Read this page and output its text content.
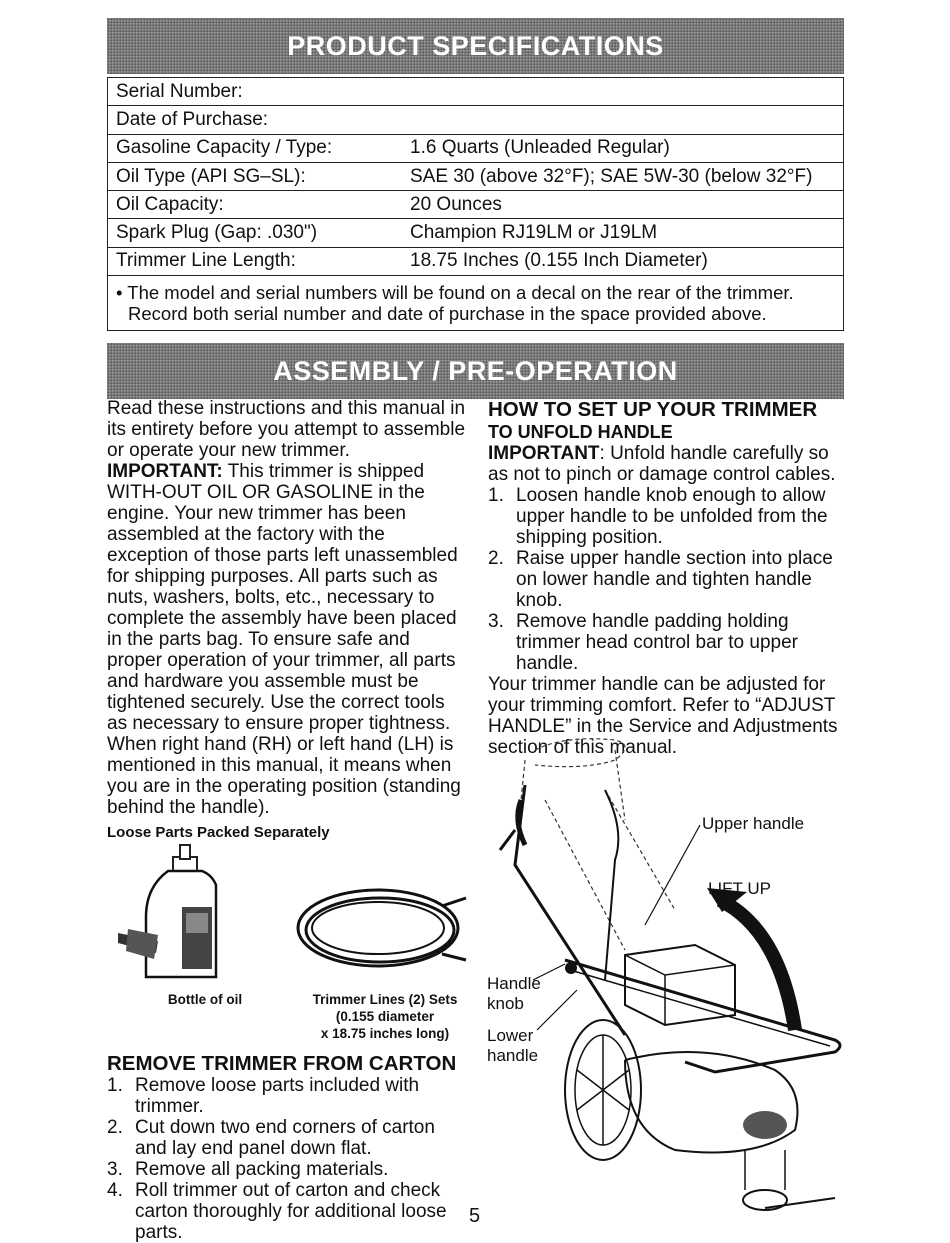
PRODUCT SPECIFICATIONS
Serial Number:
Date of Purchase:
Gasoline Capacity / Type:	1.6 Quarts (Unleaded Regular)
Oil Type (API SG–SL):	SAE 30 (above 32°F); SAE 5W-30 (below 32°F)
Oil Capacity:	20 Ounces
Spark Plug (Gap: .030")	Champion RJ19LM or J19LM
Trimmer Line Length:	18.75 Inches (0.155 Inch Diameter)
• The model and serial numbers will be found on a decal on the rear of the trimmer.
Record both serial number and date of purchase in the space provided above.
ASSEMBLY / PRE-OPERATION

Read these instructions and this manual in its entirety before you attempt to assemble or operate your new trimmer.

IMPORTANT: This trimmer is shipped WITH-OUT OIL OR GASOLINE in the engine. Your new trimmer has been assembled at the factory with the exception of those parts left unassembled for shipping purposes. All parts such as nuts, washers, bolts, etc., necessary to complete the assembly have been placed in the parts bag. To ensure safe and proper operation of your trimmer, all parts and hardware you assemble must be tightened securely. Use the correct tools as necessary to ensure proper tightness.

When right hand (RH) or left hand (LH) is mentioned in this manual, it means when you are in the operating position (standing behind the handle).

Loose Parts Packed Separately

Bottle of oil	Trimmer Lines (2) Sets
(0.155 diameter
x 18.75 inches long)
REMOVE TRIMMER FROM CARTON
1. Remove loose parts included with trimmer.
2. Cut down two end corners of carton and lay end panel down flat.
3. Remove all packing materials.
4. Roll trimmer out of carton and check carton thoroughly for additional loose parts.
HOW TO SET UP YOUR TRIMMER
TO UNFOLD HANDLE

IMPORTANT: Unfold handle carefully so as not to pinch or damage control cables.

1. Loosen handle knob enough to allow upper handle to be unfolded from the shipping position.
2. Raise upper handle section into place on lower handle and tighten handle knob.
3. Remove handle padding holding trimmer head control bar to upper handle.

Your trimmer handle can be adjusted for your trimming comfort. Refer to “ADJUST HANDLE” in the Service and Adjustments section of this manual.

Upper handle
LIFT UP
Handle
knob
Lower
handle
5
